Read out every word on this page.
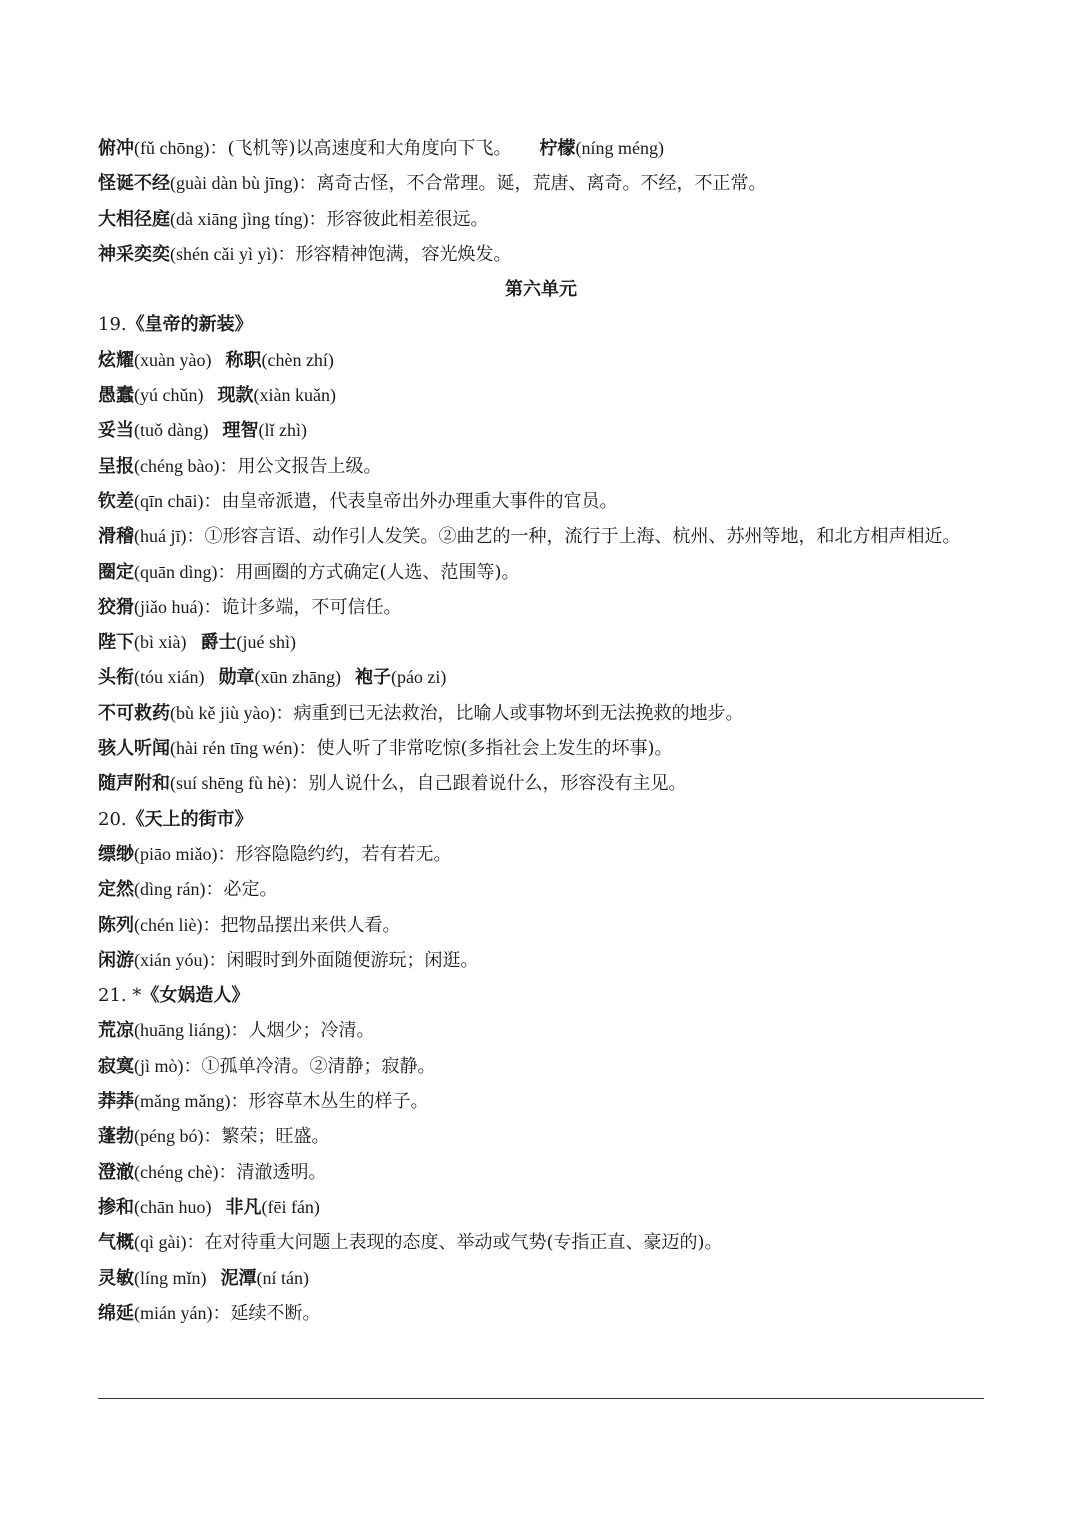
俯冲(fǔ chōng)：(飞机等)以高速度和大角度向下飞。 柠檬(níng méng)
怪诞不经(guài dàn bù jīng)：离奇古怪，不合常理。诞，荒唐、离奇。不经，不正常。
大相径庭(dà xiāng jìng tíng)：形容彼此相差很远。
神采奕奕(shén cǎi yì yì)：形容精神饱满，容光焕发。
第六单元
19.《皇帝的新装》
炫耀(xuàn yào) 称职(chèn zhí)
愚蠢(yú chǔn) 现款(xiàn kuǎn)
妥当(tuǒ dàng) 理智(lǐ zhì)
呈报(chéng bào)：用公文报告上级。
钦差(qīn chāi)：由皇帝派遣，代表皇帝出外办理重大事件的官员。
滑稽(huá jī)：①形容言语、动作引人发笑。②曲艺的一种，流行于上海、杭州、苏州等地，和北方相声相近。
圈定(quān dìng)：用画圈的方式确定(人选、范围等)。
狡猾(jiǎo huá)：诡计多端，不可信任。
陛下(bì xià) 爵士(jué shì)
头衔(tóu xián) 勋章(xūn zhāng) 袍子(páo zi)
不可救药(bù kě jiù yào)：病重到已无法救治，比喻人或事物坏到无法挽救的地步。
骇人听闻(hài rén tīng wén)：使人听了非常吃惊(多指社会上发生的坏事)。
随声附和(suí shēng fù hè)：别人说什么，自己跟着说什么，形容没有主见。
20.《天上的街市》
缥缈(piāo miǎo)：形容隐隐约约，若有若无。
定然(dìng rán)：必定。
陈列(chén liè)：把物品摆出来供人看。
闲游(xián yóu)：闲暇时到外面随便游玩；闲逛。
21. *《女娲造人》
荒凉(huāng liáng)：人烟少；冷清。
寂寞(jì mò)：①孤单冷清。②清静；寂静。
莽莽(mǎng mǎng)：形容草木丛生的样子。
蓬勃(péng bó)：繁荣；旺盛。
澄澈(chéng chè)：清澈透明。
掺和(chān huo) 非凡(fēi fán)
气概(qì gài)：在对待重大问题上表现的态度、举动或气势(专指正直、豪迈的)。
灵敏(líng mǐn) 泥潭(ní tán)
绵延(mián yán)：延续不断。
